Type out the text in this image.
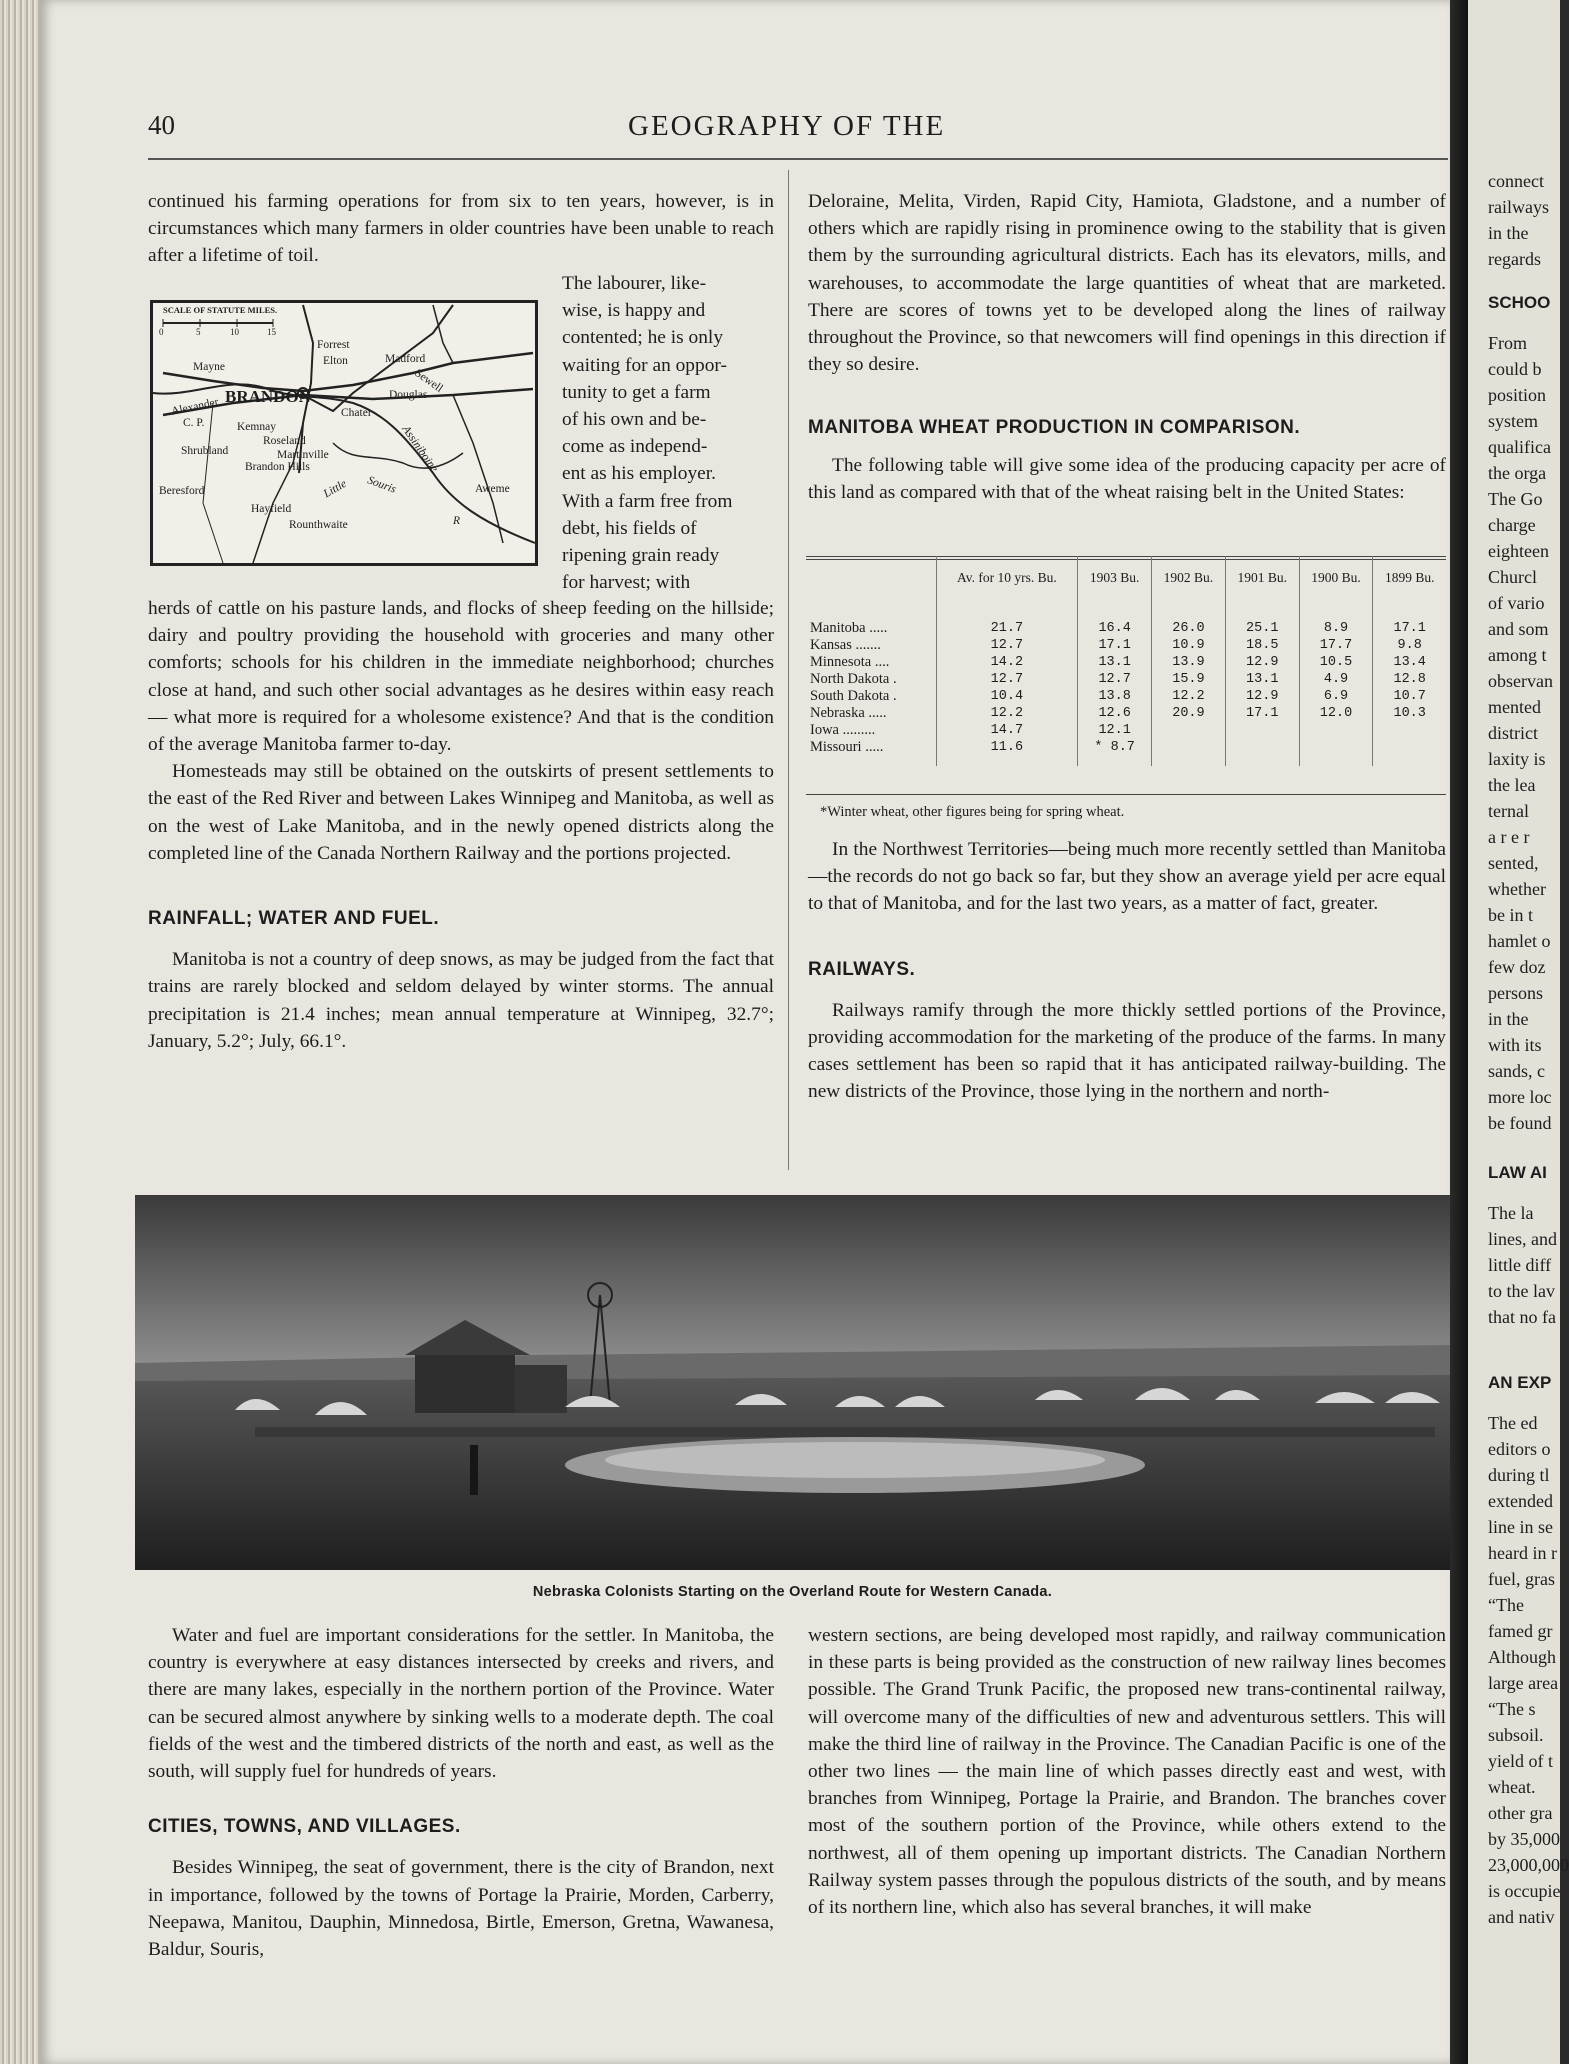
40	GEOGRAPHY OF THE

continued his farming operations for from six to ten years, however, is in circumstances which many farmers in older countries have been unable to reach after a lifetime of toil.

The labourer, like-
wise, is happy and
contented; he is only
waiting for an oppor-
tunity to get a farm
of his own and be-
come as independ-
ent as his employer.
With a farm free from
debt, his fields of
ripening grain ready
for harvest; with
SCALE OF STATUTE MILES.
0	5	10	15
Forrest
Elton	Madford
Sewell
Mayne
Douglas
Alexander BRANDON
Chater
Kemnay
Roseland
Shrubland	Martinville
Brandon Hills
Beresford	Aweme
Hayfield
Rounthwaite
Souris
Little
Assiniboine
C. P.
R

herds of cattle on his pasture lands, and flocks of sheep feeding on the hillside; dairy and poultry providing the household with groceries and many other comforts; schools for his children in the immediate neighborhood; churches close at hand, and such other social advantages as he desires within easy reach — what more is required for a wholesome existence? And that is the condition of the average Manitoba farmer to-day.

Homesteads may still be obtained on the outskirts of present settlements to the east of the Red River and between Lakes Winnipeg and Manitoba, as well as on the west of Lake Manitoba, and in the newly opened districts along the completed line of the Canada Northern Railway and the portions projected.

RAINFALL; WATER AND FUEL.

Manitoba is not a country of deep snows, as may be judged from the fact that trains are rarely blocked and seldom delayed by winter storms. The annual precipitation is 21.4 inches; mean annual temperature at Winnipeg, 32.7°; January, 5.2°; July, 66.1°.

Deloraine, Melita, Virden, Rapid City, Hamiota, Gladstone, and a number of others which are rapidly rising in prominence owing to the stability that is given them by the surrounding agricultural districts. Each has its elevators, mills, and warehouses, to accommodate the large quantities of wheat that are marketed. There are scores of towns yet to be developed along the lines of railway throughout the Province, so that newcomers will find openings in this direction if they so desire.

MANITOBA WHEAT PRODUCTION IN COMPARISON.

The following table will give some idea of the producing capacity per acre of this land as compared with that of the wheat raising belt in the United States:

	Av. for 10 yrs. Bu.	1903 Bu.	1902 Bu.	1901 Bu.	1900 Bu.	1899 Bu.
Manitoba .....	21.7	16.4	26.0	25.1	8.9	17.1
Kansas .......	12.7	17.1	10.9	18.5	17.7	9.8
Minnesota ....	14.2	13.1	13.9	12.9	10.5	13.4
North Dakota .	12.7	12.7	15.9	13.1	4.9	12.8
South Dakota .	10.4	13.8	12.2	12.9	6.9	10.7
Nebraska .....	12.2	12.6	20.9	17.1	12.0	10.3
Iowa .........	14.7	12.1				
Missouri .....	11.6	* 8.7				
*Winter wheat, other figures being for spring wheat.

In the Northwest Territories—being much more recently settled than Manitoba—the records do not go back so far, but they show an average yield per acre equal to that of Manitoba, and for the last two years, as a matter of fact, greater.

RAILWAYS.

Railways ramify through the more thickly settled portions of the Province, providing accommodation for the marketing of the produce of the farms. In many cases settlement has been so rapid that it has anticipated railway-building. The new districts of the Province, those lying in the northern and north-

Nebraska Colonists Starting on the Overland Route for Western Canada.

Water and fuel are important considerations for the settler. In Manitoba, the country is everywhere at easy distances intersected by creeks and rivers, and there are many lakes, especially in the northern portion of the Province. Water can be secured almost anywhere by sinking wells to a moderate depth. The coal fields of the west and the timbered districts of the north and east, as well as the south, will supply fuel for hundreds of years.

CITIES, TOWNS, AND VILLAGES.

Besides Winnipeg, the seat of government, there is the city of Brandon, next in importance, followed by the towns of Portage la Prairie, Morden, Carberry, Neepawa, Manitou, Dauphin, Minnedosa, Birtle, Emerson, Gretna, Wawanesa, Baldur, Souris,

western sections, are being developed most rapidly, and railway communication in these parts is being provided as the construction of new railway lines becomes possible. The Grand Trunk Pacific, the proposed new trans-continental railway, will overcome many of the difficulties of new and adventurous settlers. This will make the third line of railway in the Province. The Canadian Pacific is one of the other two lines — the main line of which passes directly east and west, with branches from Winnipeg, Portage la Prairie, and Brandon. The branches cover most of the southern portion of the Province, while others extend to the northwest, all of them opening up important districts. The Canadian Northern Railway system passes through the populous districts of the south, and by means of its northern line, which also has several branches, it will make

connect
railways
in the
regards
SCHOO
From
could b
position
system
qualifica
the orga
The Go
charge
eighteen
Churcl
of vario
and som
among t
observan
mented
district
laxity is
the lea
ternal
a r e r
sented,
whether
be in t
hamlet o
few doz
persons
in the
with its
sands, c
more loc
be found
LAW AI
The la
lines, and
little diff
to the lav
that no fa
AN EXP
The ed
editors o
during tl
extended
line in se
heard in r
fuel, gras
“The
famed gr
Although
large area
“The s
subsoil.
yield of t
wheat.
other gra
by 35,000
23,000,000
is occupie
and nativ
